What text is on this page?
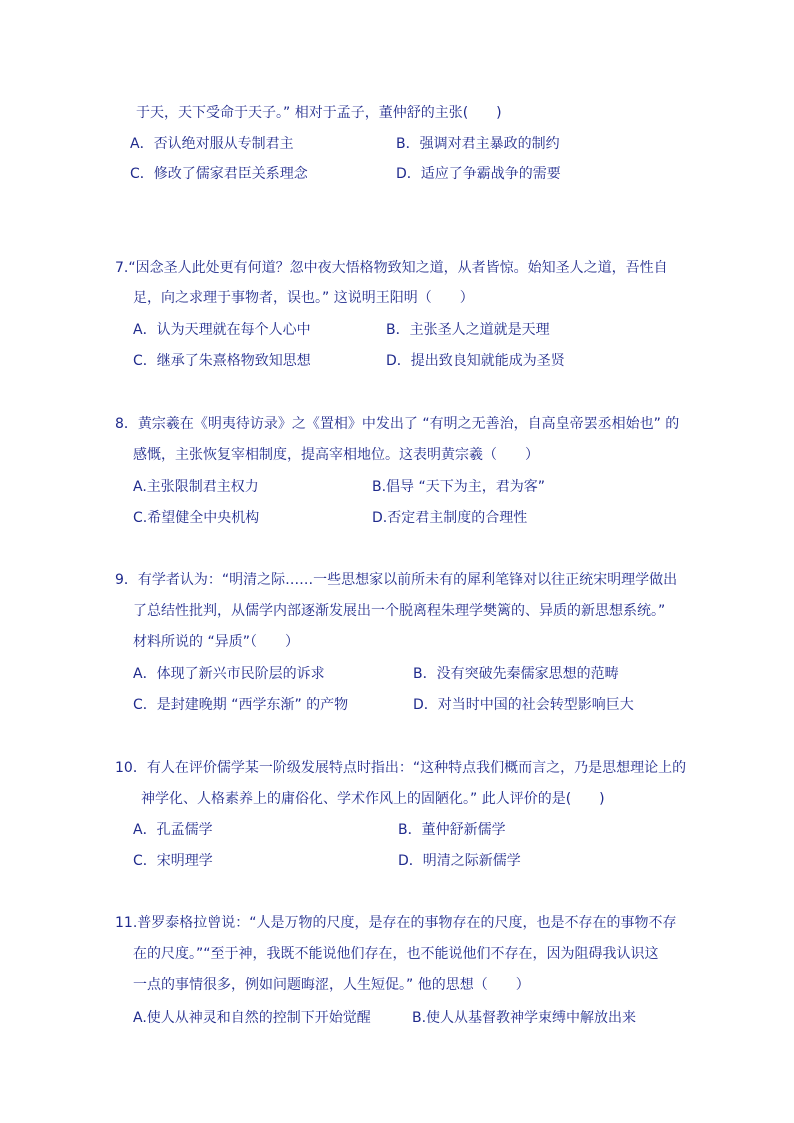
于天，天下受命于天子。” 相对于孟子，董仲舒的主张(　　)
A．否认绝对服从专制君主	B．强调对君主暴政的制约
C．修改了儒家君臣关系理念	D．适应了争霸战争的需要
7.“因念圣人此处更有何道？忽中夜大悟格物致知之道，从者皆惊。始知圣人之道，吾性自
足，向之求理于事物者，误也。” 这说明王阳明（　　）
A．认为天理就在每个人心中	B．主张圣人之道就是天理
C．继承了朱熹格物致知思想	D．提出致良知就能成为圣贤
8．黄宗羲在《明夷待访录》之《置相》中发出了 “有明之无善治，自高皇帝罢丞相始也” 的
感慨，主张恢复宰相制度，提高宰相地位。这表明黄宗羲（　　）
A.主张限制君主权力	B.倡导 “天下为主，君为客”
C.希望健全中央机构	D.否定君主制度的合理性
9．有学者认为：“明清之际……一些思想家以前所未有的犀利笔锋对以往正统宋明理学做出
了总结性批判，从儒学内部逐渐发展出一个脱离程朱理学樊篱的、异质的新思想系统。”
材料所说的 “异质”（　　）
A．体现了新兴市民阶层的诉求	B．没有突破先秦儒家思想的范畴
C．是封建晚期 “西学东渐” 的产物	D．对当时中国的社会转型影响巨大
10．有人在评价儒学某一阶级发展特点时指出：“这种特点我们概而言之，乃是思想理论上的
神学化、人格素养上的庸俗化、学术作风上的固陋化。” 此人评价的是(　　)
A．孔孟儒学	B．董仲舒新儒学
C．宋明理学	D．明清之际新儒学
11.普罗泰格拉曾说：“人是万物的尺度，是存在的事物存在的尺度，也是不存在的事物不存
在的尺度。”“至于神，我既不能说他们存在，也不能说他们不存在，因为阻碍我认识这
一点的事情很多，例如问题晦涩，人生短促。” 他的思想（　　）
A.使人从神灵和自然的控制下开始觉醒	B.使人从基督教神学束缚中解放出来
